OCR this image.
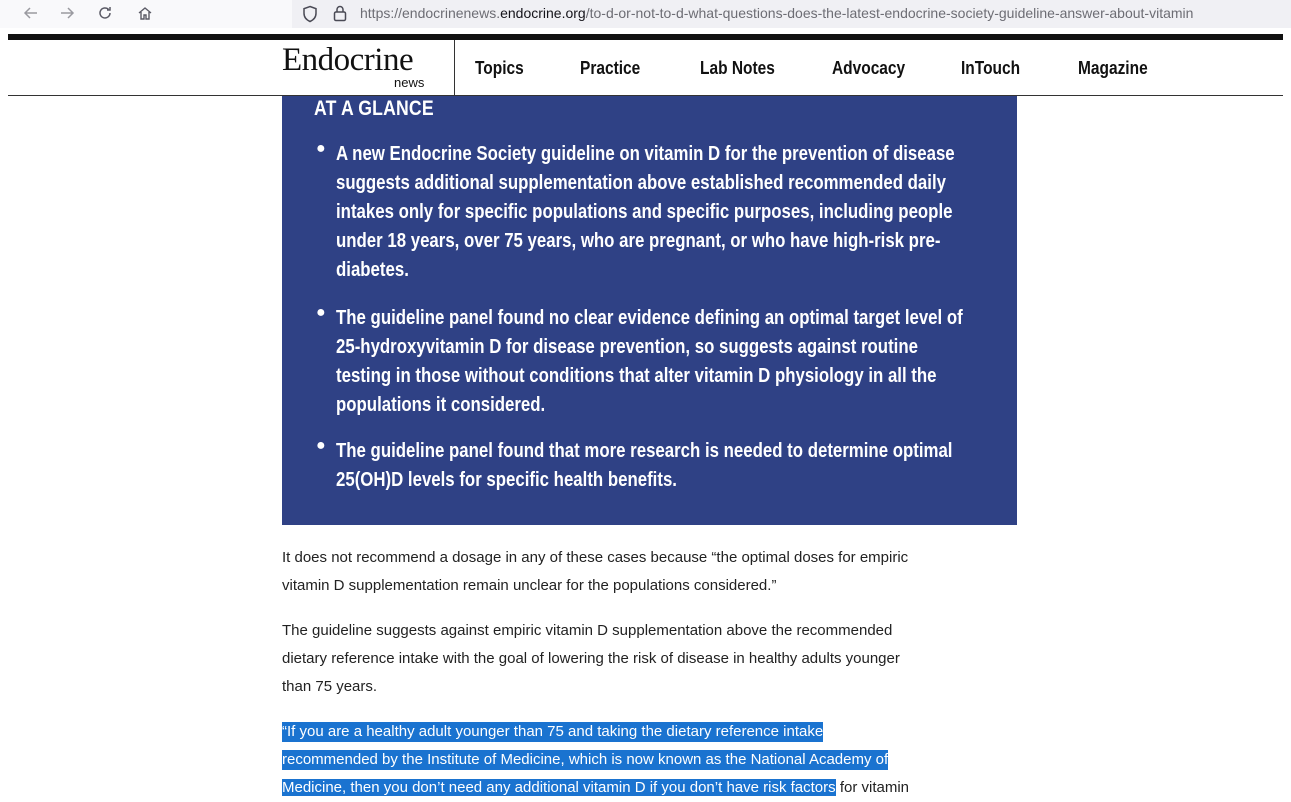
https://endocrinenews.endocrine.org/to-d-or-not-to-d-what-questions-does-the-latest-endocrine-society-guideline-answer-about-vitamin
Endocrine
news
Topics	Practice	Lab Notes	Advocacy	InTouch	Magazine
AT A GLANCE
● A new Endocrine Society guideline on vitamin D for the prevention of disease
suggests additional supplementation above established recommended daily
intakes only for specific populations and specific purposes, including people
under 18 years, over 75 years, who are pregnant, or who have high-risk pre-
diabetes.
● The guideline panel found no clear evidence defining an optimal target level of
25-hydroxyvitamin D for disease prevention, so suggests against routine
testing in those without conditions that alter vitamin D physiology in all the
populations it considered.
● The guideline panel found that more research is needed to determine optimal
25(OH)D levels for specific health benefits.
It does not recommend a dosage in any of these cases because “the optimal doses for empiric
vitamin D supplementation remain unclear for the populations considered.”
The guideline suggests against empiric vitamin D supplementation above the recommended
dietary reference intake with the goal of lowering the risk of disease in healthy adults younger
than 75 years.
“If you are a healthy adult younger than 75 and taking the dietary reference intake
recommended by the Institute of Medicine, which is now known as the National Academy of
Medicine, then you don’t need any additional vitamin D if you don’t have risk factors for vitamin
